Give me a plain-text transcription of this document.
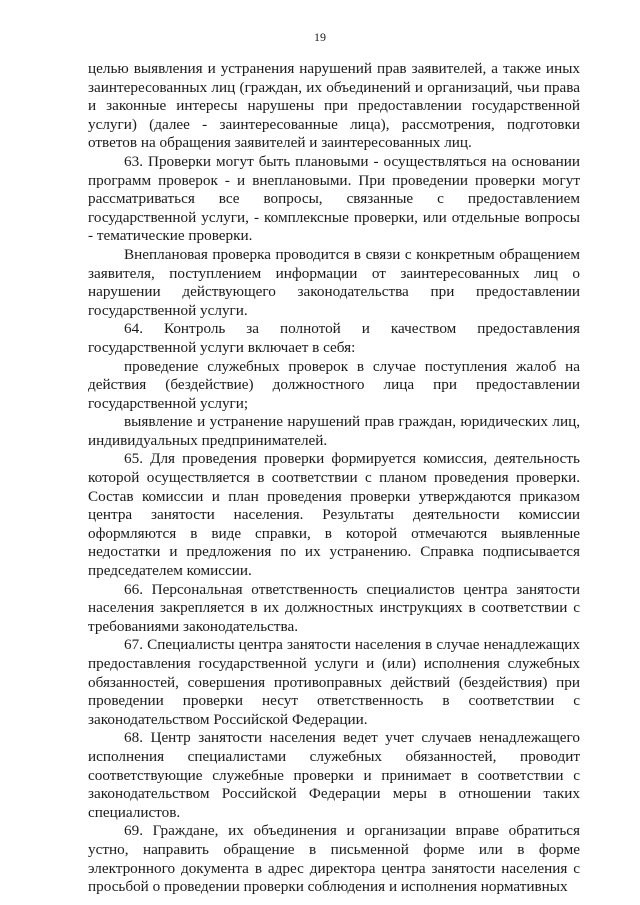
19

целью выявления и устранения нарушений прав заявителей, а также иных заинтересованных лиц (граждан, их объединений и организаций, чьи права и законные интересы нарушены при предоставлении государственной услуги) (далее - заинтересованные лица), рассмотрения, подготовки ответов на обращения заявителей и заинтересованных лиц.

63. Проверки могут быть плановыми - осуществляться на основании программ проверок - и внеплановыми. При проведении проверки могут рассматриваться все вопросы, связанные с предоставлением государственной услуги, - комплексные проверки, или отдельные вопросы - тематические проверки.

Внеплановая проверка проводится в связи с конкретным обращением заявителя, поступлением информации от заинтересованных лиц о нарушении действующего законодательства при предоставлении государственной услуги.

64. Контроль за полнотой и качеством предоставления государственной услуги включает в себя:

проведение служебных проверок в случае поступления жалоб на действия (бездействие) должностного лица при предоставлении государственной услуги;

выявление и устранение нарушений прав граждан, юридических лиц, индивидуальных предпринимателей.

65. Для проведения проверки формируется комиссия, деятельность которой осуществляется в соответствии с планом проведения проверки. Состав комиссии и план проведения проверки утверждаются приказом центра занятости населения. Результаты деятельности комиссии оформляются в виде справки, в которой отмечаются выявленные недостатки и предложения по их устранению. Справка подписывается председателем комиссии.

66. Персональная ответственность специалистов центра занятости населения закрепляется в их должностных инструкциях в соответствии с требованиями законодательства.

67. Специалисты центра занятости населения в случае ненадлежащих предоставления государственной услуги и (или) исполнения служебных обязанностей, совершения противоправных действий (бездействия) при проведении проверки несут ответственность в соответствии с законодательством Российской Федерации.

68. Центр занятости населения ведет учет случаев ненадлежащего исполнения специалистами служебных обязанностей, проводит соответствующие служебные проверки и принимает в соответствии с законодательством Российской Федерации меры в отношении таких специалистов.

69. Граждане, их объединения и организации вправе обратиться устно, направить обращение в письменной форме или в форме электронного документа в адрес директора центра занятости населения с просьбой о проведении проверки соблюдения и исполнения нормативных
